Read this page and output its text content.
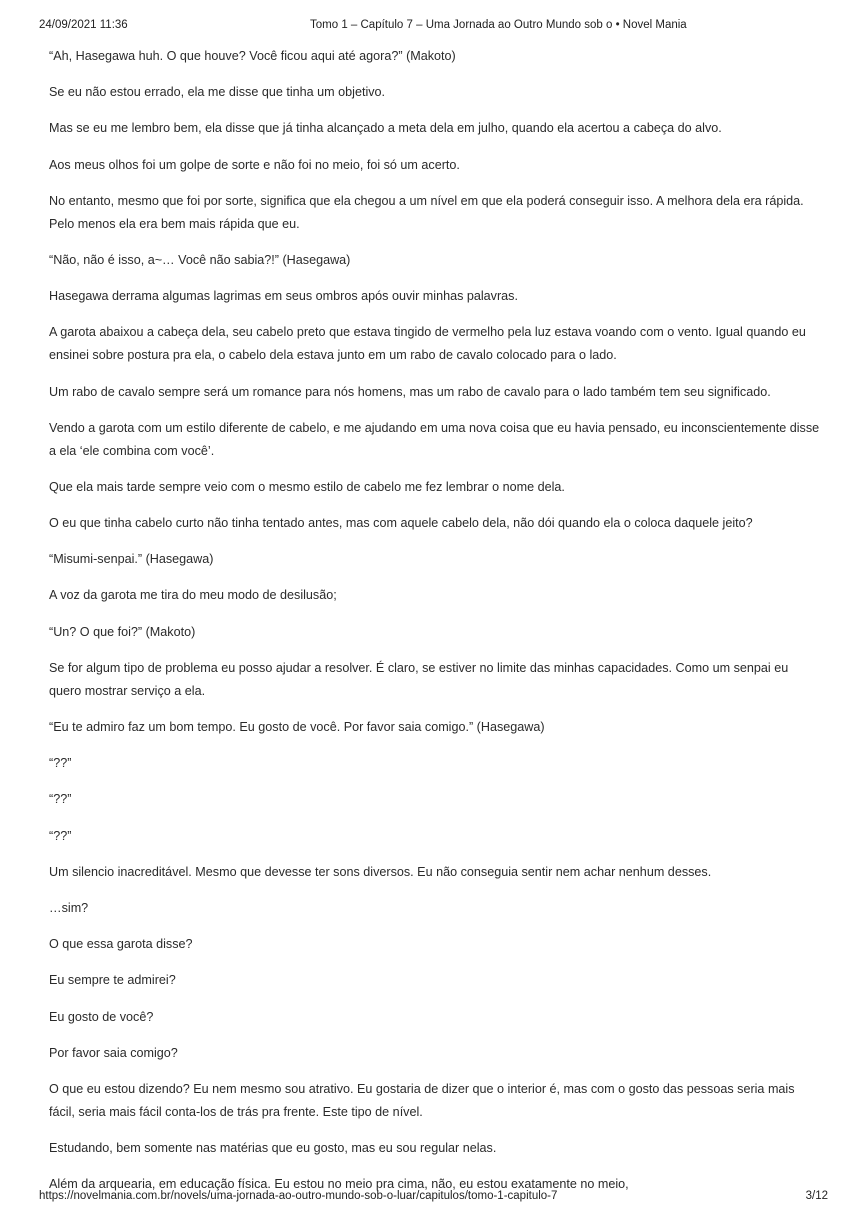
24/09/2021 11:36	Tomo 1 – Capítulo 7 – Uma Jornada ao Outro Mundo sob o • Novel Mania

“Ah, Hasegawa huh. O que houve? Você ficou aqui até agora?” (Makoto)

Se eu não estou errado, ela me disse que tinha um objetivo.

Mas se eu me lembro bem, ela disse que já tinha alcançado a meta dela em julho, quando ela acertou a cabeça do alvo.

Aos meus olhos foi um golpe de sorte e não foi no meio, foi só um acerto.

No entanto, mesmo que foi por sorte, significa que ela chegou a um nível em que ela poderá conseguir isso. A melhora dela era rápida. Pelo menos ela era bem mais rápida que eu.

“Não, não é isso, a~… Você não sabia?!” (Hasegawa)

Hasegawa derrama algumas lagrimas em seus ombros após ouvir minhas palavras.

A garota abaixou a cabeça dela, seu cabelo preto que estava tingido de vermelho pela luz estava voando com o vento. Igual quando eu ensinei sobre postura pra ela, o cabelo dela estava junto em um rabo de cavalo colocado para o lado.

Um rabo de cavalo sempre será um romance para nós homens, mas um rabo de cavalo para o lado também tem seu significado.

Vendo a garota com um estilo diferente de cabelo, e me ajudando em uma nova coisa que eu havia pensado, eu inconscientemente disse a ela ‘ele combina com você’.

Que ela mais tarde sempre veio com o mesmo estilo de cabelo me fez lembrar o nome dela.

O eu que tinha cabelo curto não tinha tentado antes, mas com aquele cabelo dela, não dói quando ela o coloca daquele jeito?

“Misumi-senpai.” (Hasegawa)

A voz da garota me tira do meu modo de desilusão;

“Un? O que foi?” (Makoto)

Se for algum tipo de problema eu posso ajudar a resolver. É claro, se estiver no limite das minhas capacidades. Como um senpai eu quero mostrar serviço a ela.

“Eu te admiro faz um bom tempo. Eu gosto de você. Por favor saia comigo.” (Hasegawa)

“??”

“??”

“??”

Um silencio inacreditável. Mesmo que devesse ter sons diversos. Eu não conseguia sentir nem achar nenhum desses.

…sim?

O que essa garota disse?

Eu sempre te admirei?

Eu gosto de você?

Por favor saia comigo?

O que eu estou dizendo? Eu nem mesmo sou atrativo. Eu gostaria de dizer que o interior é, mas com o gosto das pessoas seria mais fácil, seria mais fácil conta-los de trás pra frente. Este tipo de nível.

Estudando, bem somente nas matérias que eu gosto, mas eu sou regular nelas.

Além da arquearia, em educação física. Eu estou no meio pra cima, não, eu estou exatamente no meio,

https://novelmania.com.br/novels/uma-jornada-ao-outro-mundo-sob-o-luar/capitulos/tomo-1-capitulo-7	3/12
